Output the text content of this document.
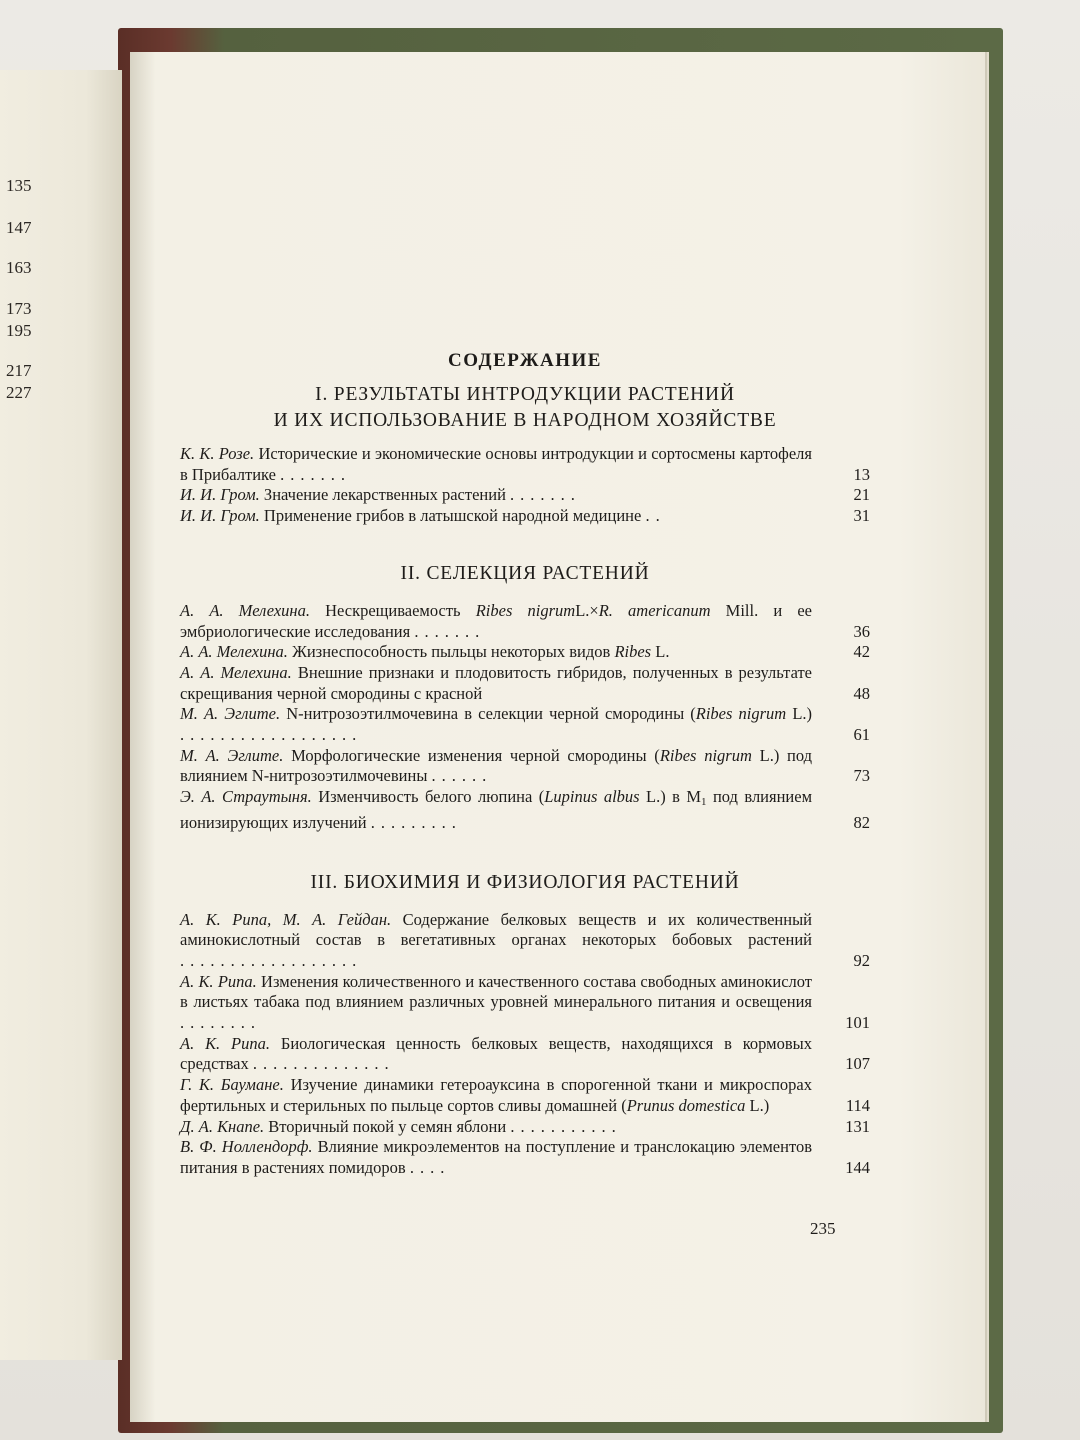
135
147
163
173
195
217
227
СОДЕРЖАНИЕ
I. РЕЗУЛЬТАТЫ ИНТРОДУКЦИИ РАСТЕНИЙ
И ИХ ИСПОЛЬЗОВАНИЕ В НАРОДНОМ ХОЗЯЙСТВЕ
К. К. Розе. Исторические и экономические основы интродукции и сортосмены картофеля в Прибалтике .......	13
И. И. Гром. Значение лекарственных растений .......	21
И. И. Гром. Применение грибов в латышской народной медицине ..	31
II. СЕЛЕКЦИЯ РАСТЕНИЙ
А. А. Мелехина. Нескрещиваемость Ribes nigrumL.×R. americanum Mill. и ее эмбриологические исследования .......	36
А. А. Мелехина. Жизнеспособность пыльцы некоторых видов Ribes L.	42
А. А. Мелехина. Внешние признаки и плодовитость гибридов, полученных в результате скрещивания черной смородины с красной	48
М. А. Эглите. N-нитрозоэтилмочевина в селекции черной смородины (Ribes nigrum L.) ..................	61
М. А. Эглите. Морфологические изменения черной смородины (Ribes nigrum L.) под влиянием N-нитрозоэтилмочевины ......	73
Э. А. Страутыня. Изменчивость белого люпина (Lupinus albus L.) в $M_1$ под влиянием ионизирующих излучений .........	82
III. БИОХИМИЯ И ФИЗИОЛОГИЯ РАСТЕНИЙ
А. К. Рипа, М. А. Гейдан. Содержание белковых веществ и их количественный аминокислотный состав в вегетативных органах некоторых бобовых растений ..................	92
А. К. Рипа. Изменения количественного и качественного состава свободных аминокислот в листьях табака под влиянием различных уровней минерального питания и освещения ........	101
А. К. Рипа. Биологическая ценность белковых веществ, находящихся в кормовых средствах ..............	107
Г. К. Баумане. Изучение динамики гетероауксина в спорогенной ткани и микроспорах фертильных и стерильных по пыльце сортов сливы домашней (Prunus domestica L.)	114
Д. А. Кнапе. Вторичный покой у семян яблони ...........	131
В. Ф. Ноллендорф. Влияние микроэлементов на поступление и транслокацию элементов питания в растениях помидоров ....	144
235
